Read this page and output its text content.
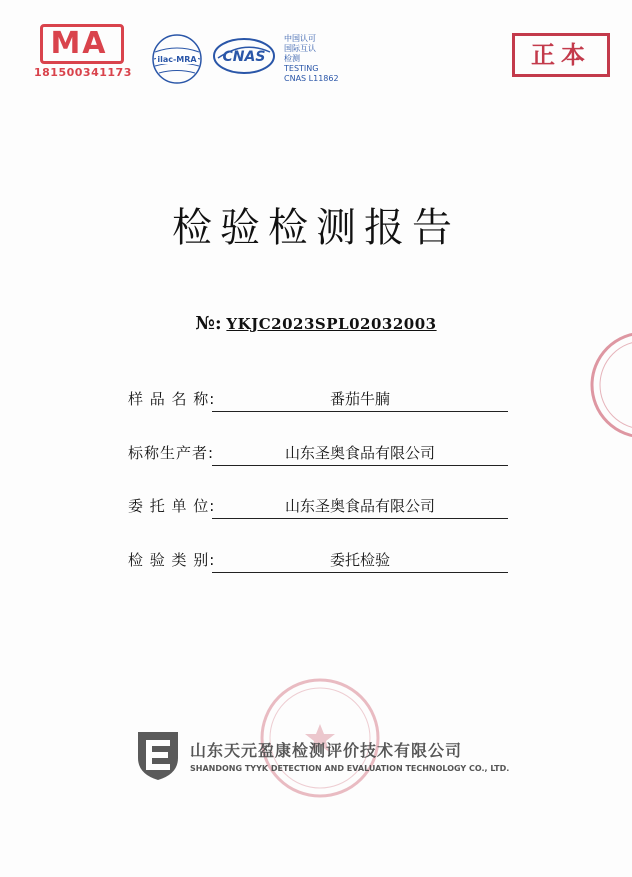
MA
181500341173
ilac-MRA CNAS
中国认可
国际互认
检测
TESTING
CNAS L11862
正本
检验检测报告
№: YKJC2023SPL02032003
样 品 名 称:	番茄牛腩
标称生产者:	山东圣奥食品有限公司
委 托 单 位:	山东圣奥食品有限公司
检 验 类 别:	委托检验
山东天元盈康检测评价技术有限公司
SHANDONG TYYK DETECTION AND EVALUATION TECHNOLOGY CO., LTD.
